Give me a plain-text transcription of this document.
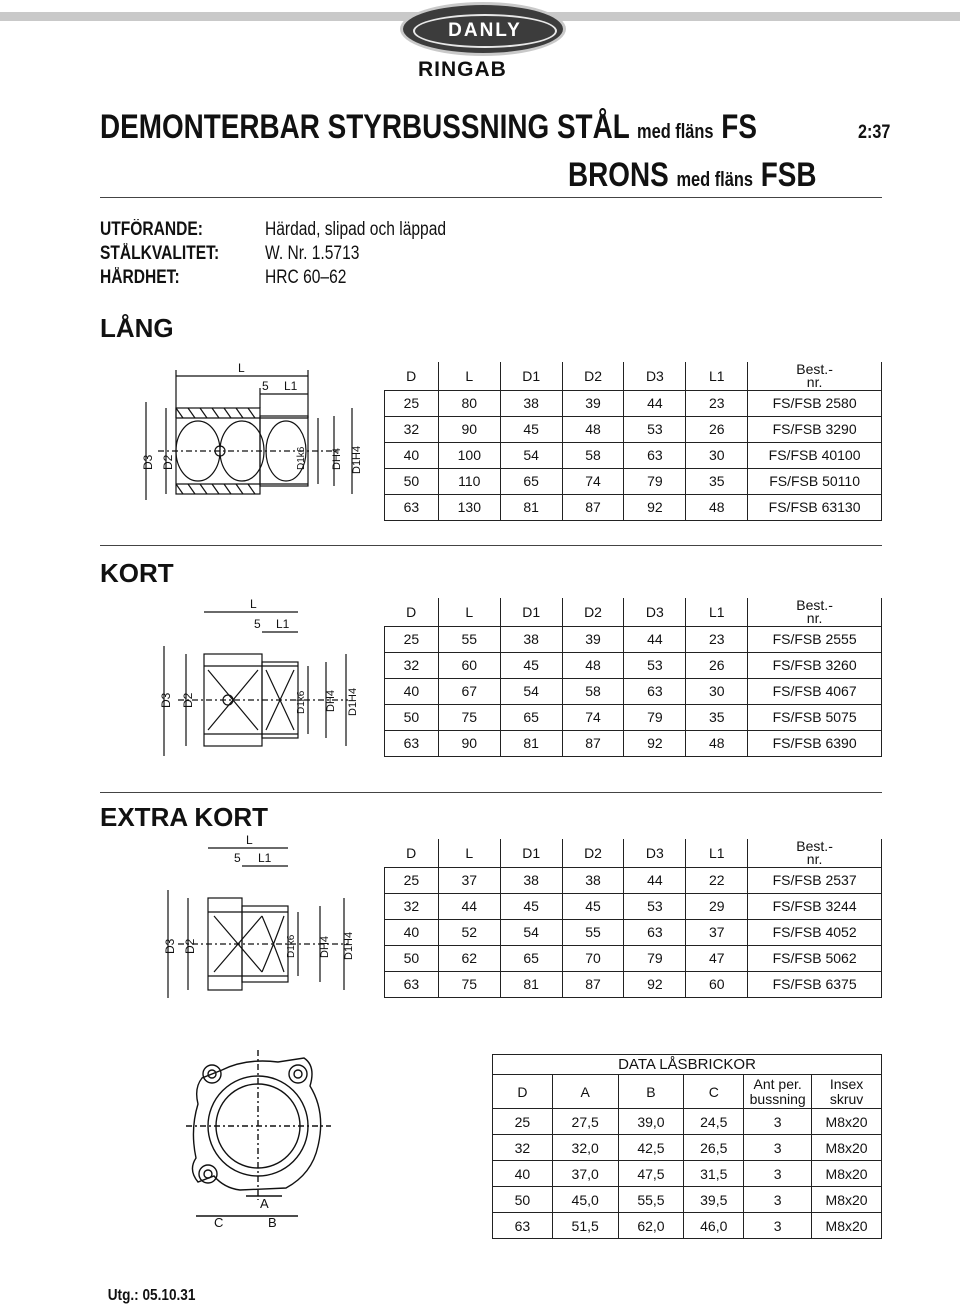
DANLY
RINGAB
DEMONTERBAR STYRBUSSNING STÅL med fläns FS
BRONS med fläns FSB
2:37
UTFÖRANDE:	Härdad, slipad och läppad
STÅLKVALITET: W. Nr. 1.5713
HÅRDHET:	HRC 60–62
LÅNG
KORT
EXTRA KORT
L
5 L1
D3 D2	D1k6 DH4 D1H4
L
5 L1
D3 D2	D1k6 DH4 D1H4
L
5 L1
D3 D2	D1k6 DH4 D1H4
A
C	B
D	L	D1	D2	D3	L1	Best.-
nr.
25	80	38	39	44	23	FS/FSB 2580
32	90	45	48	53	26	FS/FSB 3290
40	100	54	58	63	30	FS/FSB 40100
50	110	65	74	79	35	FS/FSB 50110
63	130	81	87	92	48	FS/FSB 63130
D	L	D1	D2	D3	L1	Best.-
nr.
25	55	38	39	44	23	FS/FSB 2555
32	60	45	48	53	26	FS/FSB 3260
40	67	54	58	63	30	FS/FSB 4067
50	75	65	74	79	35	FS/FSB 5075
63	90	81	87	92	48	FS/FSB 6390
D	L	D1	D2	D3	L1	Best.-
nr.
25	37	38	38	44	22	FS/FSB 2537
32	44	45	45	53	29	FS/FSB 3244
40	52	54	55	63	37	FS/FSB 4052
50	62	65	70	79	47	FS/FSB 5062
63	75	81	87	92	60	FS/FSB 6375
DATA LÅSBRICKOR					
D	A	B	C	Ant per.
bussning	Insex
skruv
25	27,5	39,0	24,5	3	M8x20
32	32,0	42,5	26,5	3	M8x20
40	37,0	47,5	31,5	3	M8x20
50	45,0	55,5	39,5	3	M8x20
63	51,5	62,0	46,0	3	M8x20
Utg.: 05.10.31
